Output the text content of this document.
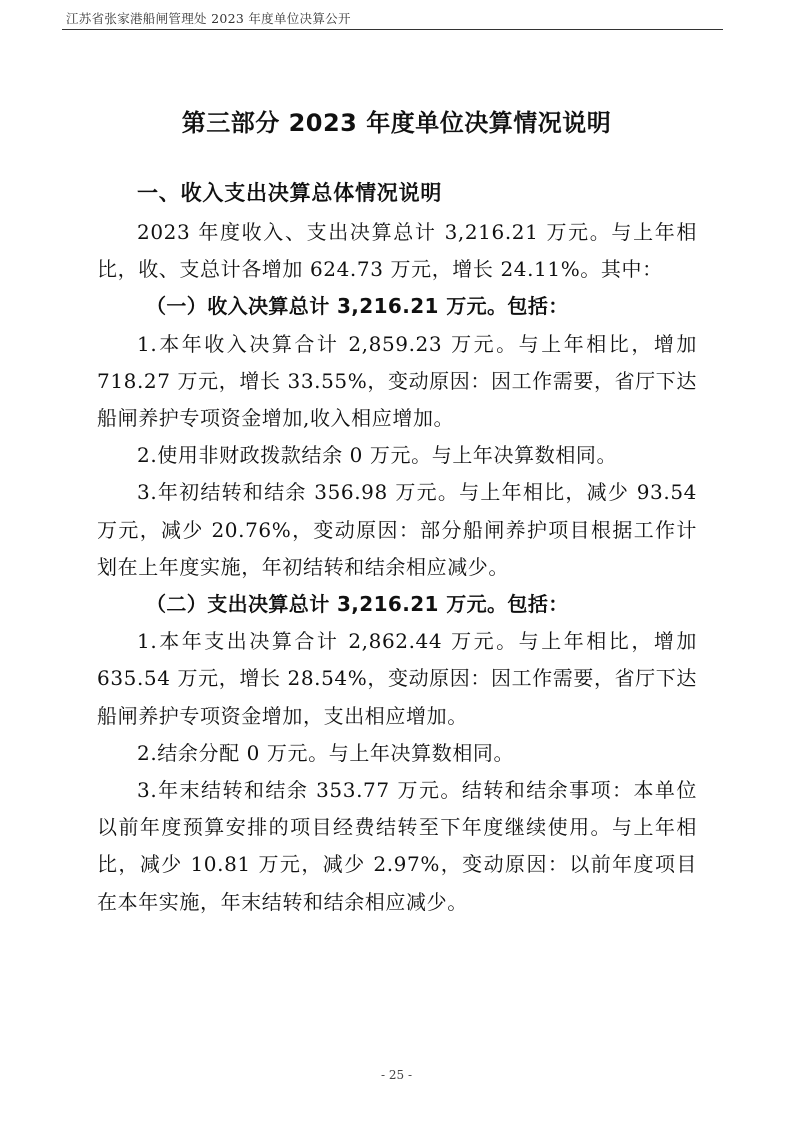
江苏省张家港船闸管理处 2023 年度单位决算公开
第三部分 2023 年度单位决算情况说明
一、收入支出决算总体情况说明

2023 年度收入、支出决算总计 3,216.21 万元。与上年相比，收、支总计各增加 624.73 万元，增长 24.11%。其中：

（一）收入决算总计 3,216.21 万元。包括：

1.本年收入决算合计 2,859.23 万元。与上年相比，增加 718.27 万元，增长 33.55%，变动原因：因工作需要，省厅下达船闸养护专项资金增加,收入相应增加。

2.使用非财政拨款结余 0 万元。与上年决算数相同。

3.年初结转和结余 356.98 万元。与上年相比，减少 93.54 万元，减少 20.76%，变动原因：部分船闸养护项目根据工作计划在上年度实施，年初结转和结余相应减少。

（二）支出决算总计 3,216.21 万元。包括：

1.本年支出决算合计 2,862.44 万元。与上年相比，增加 635.54 万元，增长 28.54%，变动原因：因工作需要，省厅下达船闸养护专项资金增加，支出相应增加。

2.结余分配 0 万元。与上年决算数相同。

3.年末结转和结余 353.77 万元。结转和结余事项：本单位以前年度预算安排的项目经费结转至下年度继续使用。与上年相比，减少 10.81 万元，减少 2.97%，变动原因：以前年度项目在本年实施，年末结转和结余相应减少。

- 25 -
